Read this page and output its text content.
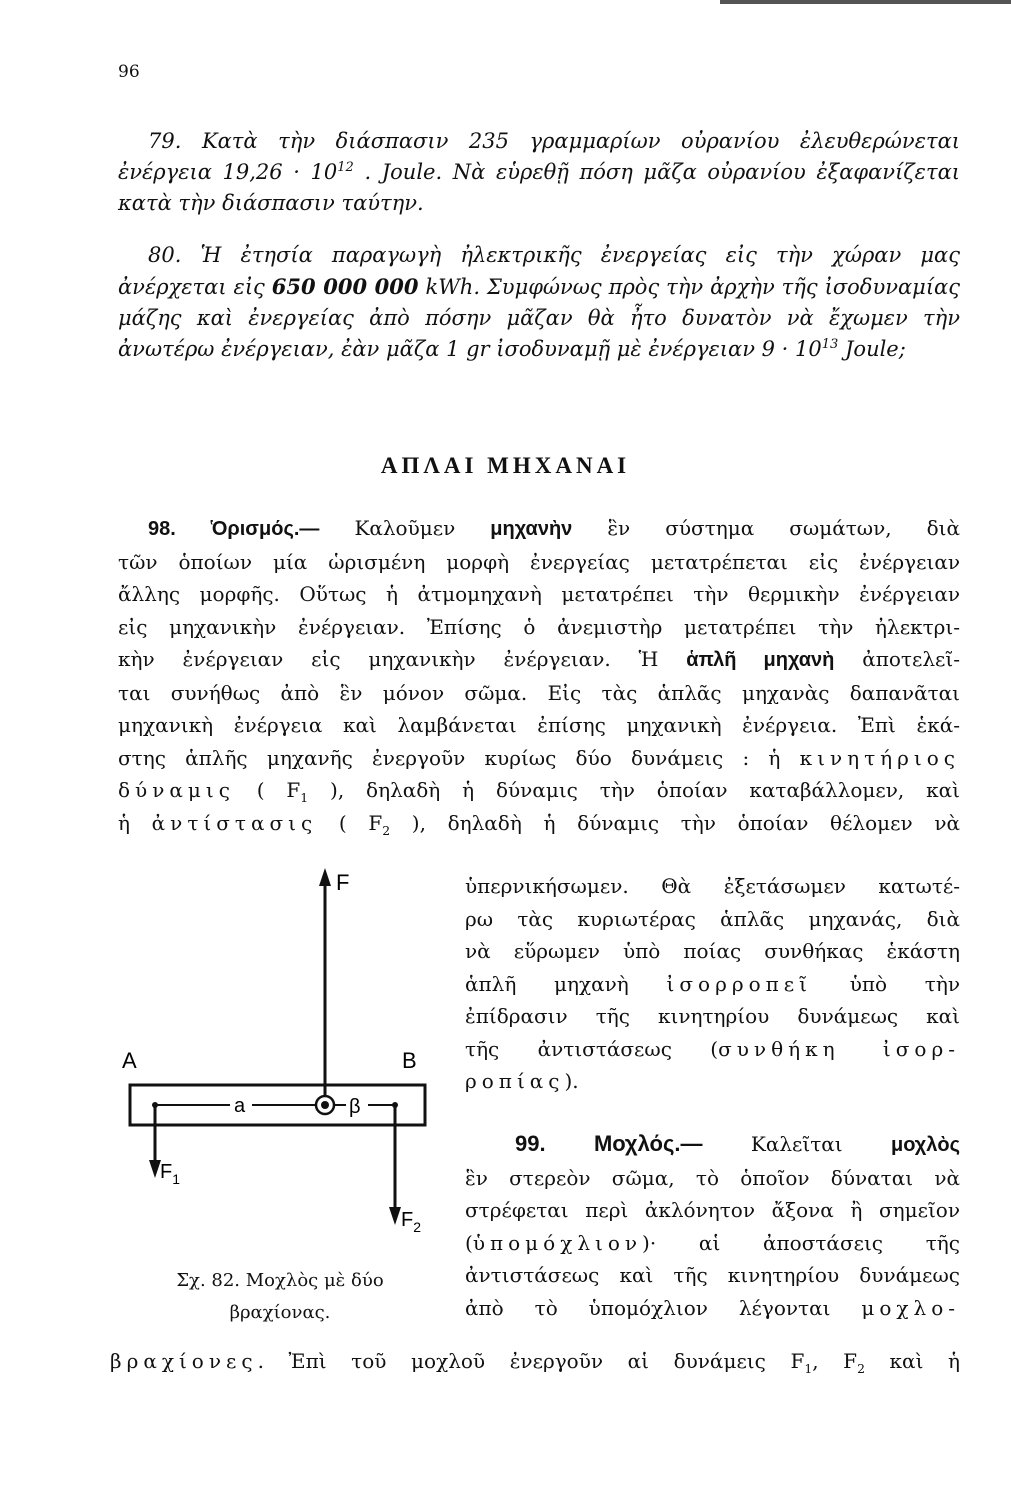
96

79. Κατὰ τὴν διάσπασιν 235 γραμμαρίων οὐρανίου ἐλευθερώνεται ἐνέργεια $19,26 \cdot 10^{12}$ . Joule. Νὰ εὑρεθῇ πόση μᾶζα οὐρανίου ἐξαφανίζεται κατὰ τὴν διάσπασιν ταύτην.

80. Ἡ ἐτησία παραγωγὴ ἠλεκτρικῆς ἐνεργείας εἰς τὴν χώραν μας ἀνέρχεται εἰς 650 000 000 kWh. Συμφώνως πρὸς τὴν ἀρχὴν τῆς ἰσοδυναμίας μάζης καὶ ἐνεργείας ἀπὸ πόσην μᾶζαν θὰ ἦτο δυνατὸν νὰ ἔχωμεν τὴν ἀνωτέρω ἐνέργειαν, ἐὰν μᾶζα 1 gr ἰσοδυναμῇ μὲ ἐνέργειαν $9 \cdot 10^{13}$ Joule;

ΑΠΛΑΙ ΜΗΧΑΝΑΙ
98. Ὁρισμός.— Καλοῦμεν μηχανὴν ἓν σύστημα σωμάτων, διὰ
τῶν ὁποίων μία ὡρισμένη μορφὴ ἐνεργείας μετατρέπεται εἰς ἐνέργειαν
ἄλλης μορφῆς. Οὕτως ἡ ἀτμομηχανὴ μετατρέπει τὴν θερμικὴν ἐνέργειαν
εἰς μηχανικὴν ἐνέργειαν. Ἐπίσης ὁ ἀνεμιστὴρ μετατρέπει τὴν ἠλεκτρι-
κὴν ἐνέργειαν εἰς μηχανικὴν ἐνέργειαν. Ἡ ἁπλῆ μηχανὴ ἀποτελεῖ-
ται συνήθως ἀπὸ ἓν μόνον σῶμα. Εἰς τὰς ἁπλᾶς μηχανὰς δαπανᾶται
μηχανικὴ ἐνέργεια καὶ λαμβάνεται ἐπίσης μηχανικὴ ἐνέργεια. Ἐπὶ ἑκά-
στης ἁπλῆς μηχανῆς ἐνεργοῦν κυρίως δύο δυνάμεις : ἡ κινητήριος
δύναμις ( $F_1$ ), δηλαδὴ ἡ δύναμις τὴν ὁποίαν καταβάλλομεν, καὶ
ἡ ἀντίστασις ( $F_2$ ), δηλαδὴ ἡ δύναμις τὴν ὁποίαν θέλομεν νὰ
ὑπερνικήσωμεν. Θὰ ἐξετάσωμεν κατωτέ-
ρω τὰς κυριωτέρας ἁπλᾶς μηχανάς, διὰ
νὰ εὕρωμεν ὑπὸ ποίας συνθήκας ἑκάστη
ἁπλῆ μηχανὴ ἰσορροπεῖ ὑπὸ τὴν
ἐπίδρασιν τῆς κινητηρίου δυνάμεως καὶ
τῆς ἀντιστάσεως (συνθήκη ἰσορ-
ροπίας).
99. Μοχλός.— Καλεῖται μοχλὸς
ἓν στερεὸν σῶμα, τὸ ὁποῖον δύναται νὰ
στρέφεται περὶ ἀκλόνητον ἄξονα ἢ σημεῖον
(ὑπομόχλιον)· αἱ ἀποστάσεις τῆς
ἀντιστάσεως καὶ τῆς κινητηρίου δυνάμεως
ἀπὸ τὸ ὑπομόχλιον λέγονται μοχλο-
βραχίονες. Ἐπὶ τοῦ μοχλοῦ ἐνεργοῦν αἱ δυνάμεις $F_1$, $F_2$ καὶ ἡ
F
A	B
a	β
$F_1$
$F_2$
Σχ. 82. Μοχλὸς μὲ δύο
βραχίονας.
